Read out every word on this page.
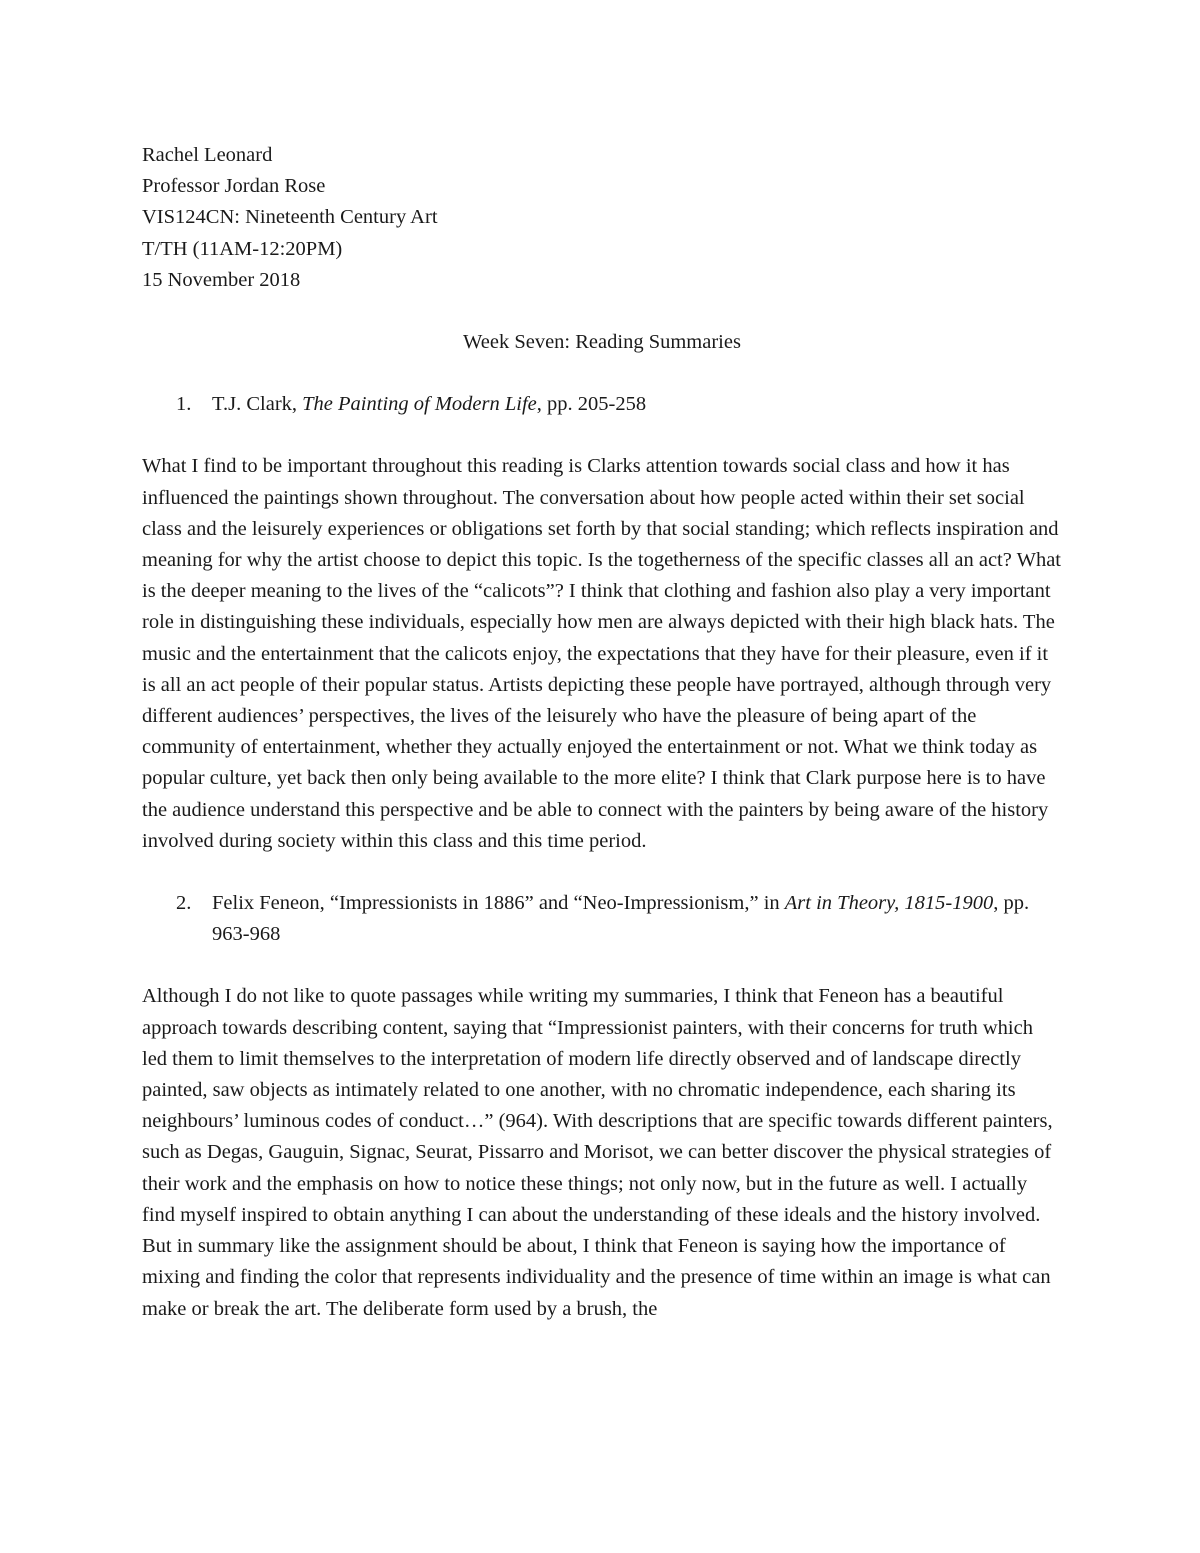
Rachel Leonard

Professor Jordan Rose

VIS124CN: Nineteenth Century Art

T/TH (11AM-12:20PM)

15 November 2018

Week Seven: Reading Summaries

1. T.J. Clark, The Painting of Modern Life, pp. 205-258

What I find to be important throughout this reading is Clarks attention towards social class and how it has influenced the paintings shown throughout. The conversation about how people acted within their set social class and the leisurely experiences or obligations set forth by that social standing; which reflects inspiration and meaning for why the artist choose to depict this topic. Is the togetherness of the specific classes all an act? What is the deeper meaning to the lives of the “calicots”? I think that clothing and fashion also play a very important role in distinguishing these individuals, especially how men are always depicted with their high black hats. The music and the entertainment that the calicots enjoy, the expectations that they have for their pleasure, even if it is all an act people of their popular status. Artists depicting these people have portrayed, although through very different audiences’ perspectives, the lives of the leisurely who have the pleasure of being apart of the community of entertainment, whether they actually enjoyed the entertainment or not. What we think today as popular culture, yet back then only being available to the more elite? I think that Clark purpose here is to have the audience understand this perspective and be able to connect with the painters by being aware of the history involved during society within this class and this time period.

2. Felix Feneon, “Impressionists in 1886” and “Neo-Impressionism,” in Art in Theory, 1815-1900, pp. 963-968

Although I do not like to quote passages while writing my summaries, I think that Feneon has a beautiful approach towards describing content, saying that “Impressionist painters, with their concerns for truth which led them to limit themselves to the interpretation of modern life directly observed and of landscape directly painted, saw objects as intimately related to one another, with no chromatic independence, each sharing its neighbours’ luminous codes of conduct…” (964). With descriptions that are specific towards different painters, such as Degas, Gauguin, Signac, Seurat, Pissarro and Morisot, we can better discover the physical strategies of their work and the emphasis on how to notice these things; not only now, but in the future as well. I actually find myself inspired to obtain anything I can about the understanding of these ideals and the history involved. But in summary like the assignment should be about, I think that Feneon is saying how the importance of mixing and finding the color that represents individuality and the presence of time within an image is what can make or break the art. The deliberate form used by a brush, the
